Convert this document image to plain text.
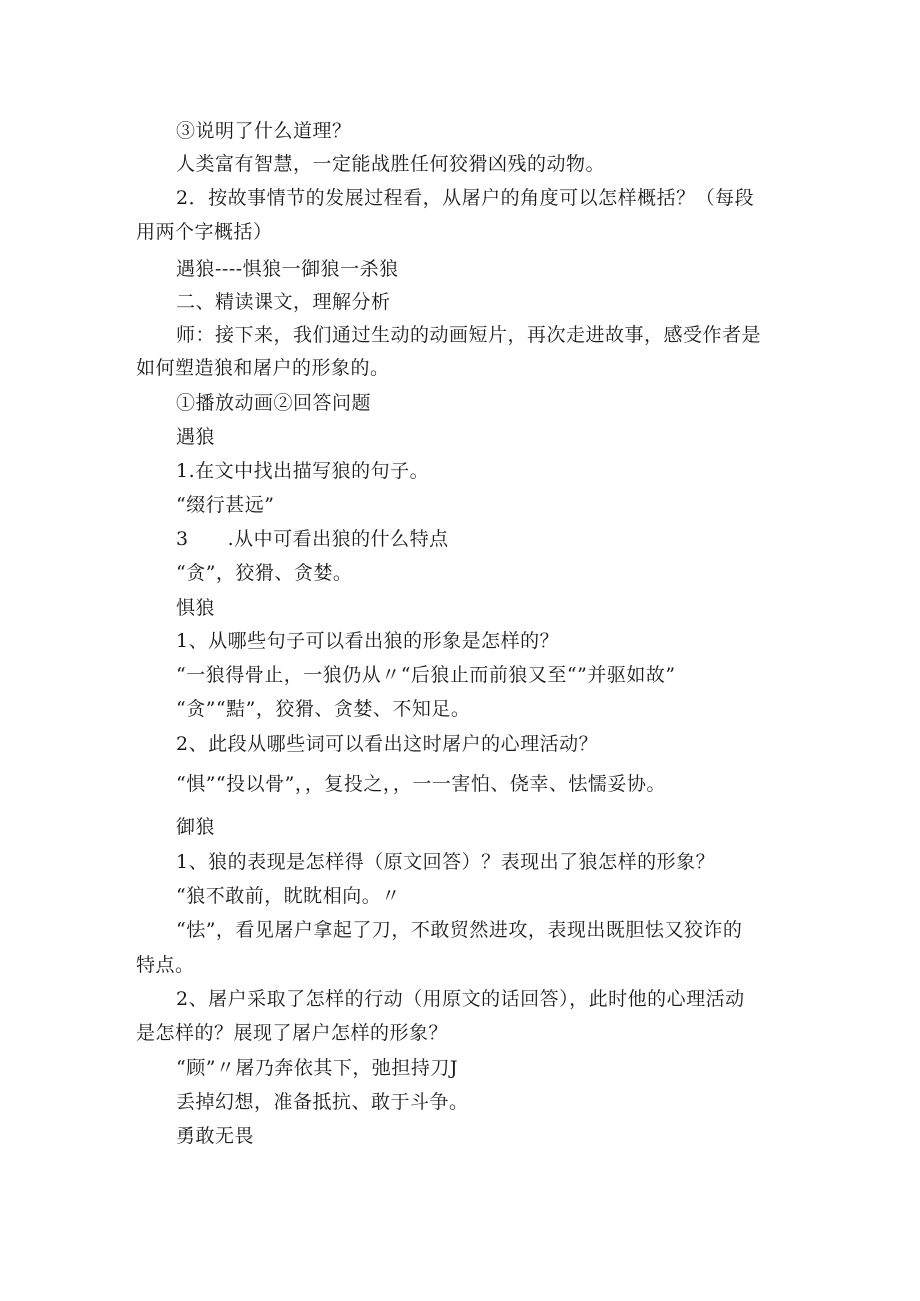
③说明了什么道理？
人类富有智慧，一定能战胜任何狡猾凶残的动物。
2．按故事情节的发展过程看，从屠户的角度可以怎样概括？（每段
用两个字概括）
遇狼----惧狼一御狼一杀狼
二、精读课文，理解分析
师：接下来，我们通过生动的动画短片，再次走进故事，感受作者是
如何塑造狼和屠户的形象的。
①播放动画②回答问题
遇狼
1.在文中找出描写狼的句子。
“缀行甚远”
3　　.从中可看出狼的什么特点
“贪”，狡猾、贪婪。
惧狼
1、从哪些句子可以看出狼的形象是怎样的？
“一狼得骨止，一狼仍从〃“后狼止而前狼又至“”并驱如故”
“贪”“黠”，狡猾、贪婪、不知足。
2、此段从哪些词可以看出这时屠户的心理活动？
“惧”“投以骨”，，复投之，，一一害怕、侥幸、怯懦妥协。
御狼
1、狼的表现是怎样得（原文回答）？表现出了狼怎样的形象？
“狼不敢前，眈眈相向。〃
“怯”，看见屠户拿起了刀，不敢贸然进攻，表现出既胆怯又狡诈的
特点。
2、屠户采取了怎样的行动（用原文的话回答），此时他的心理活动
是怎样的？展现了屠户怎样的形象？
“顾”〃屠乃奔依其下，弛担持刀J
丢掉幻想，准备抵抗、敢于斗争。
勇敢无畏
